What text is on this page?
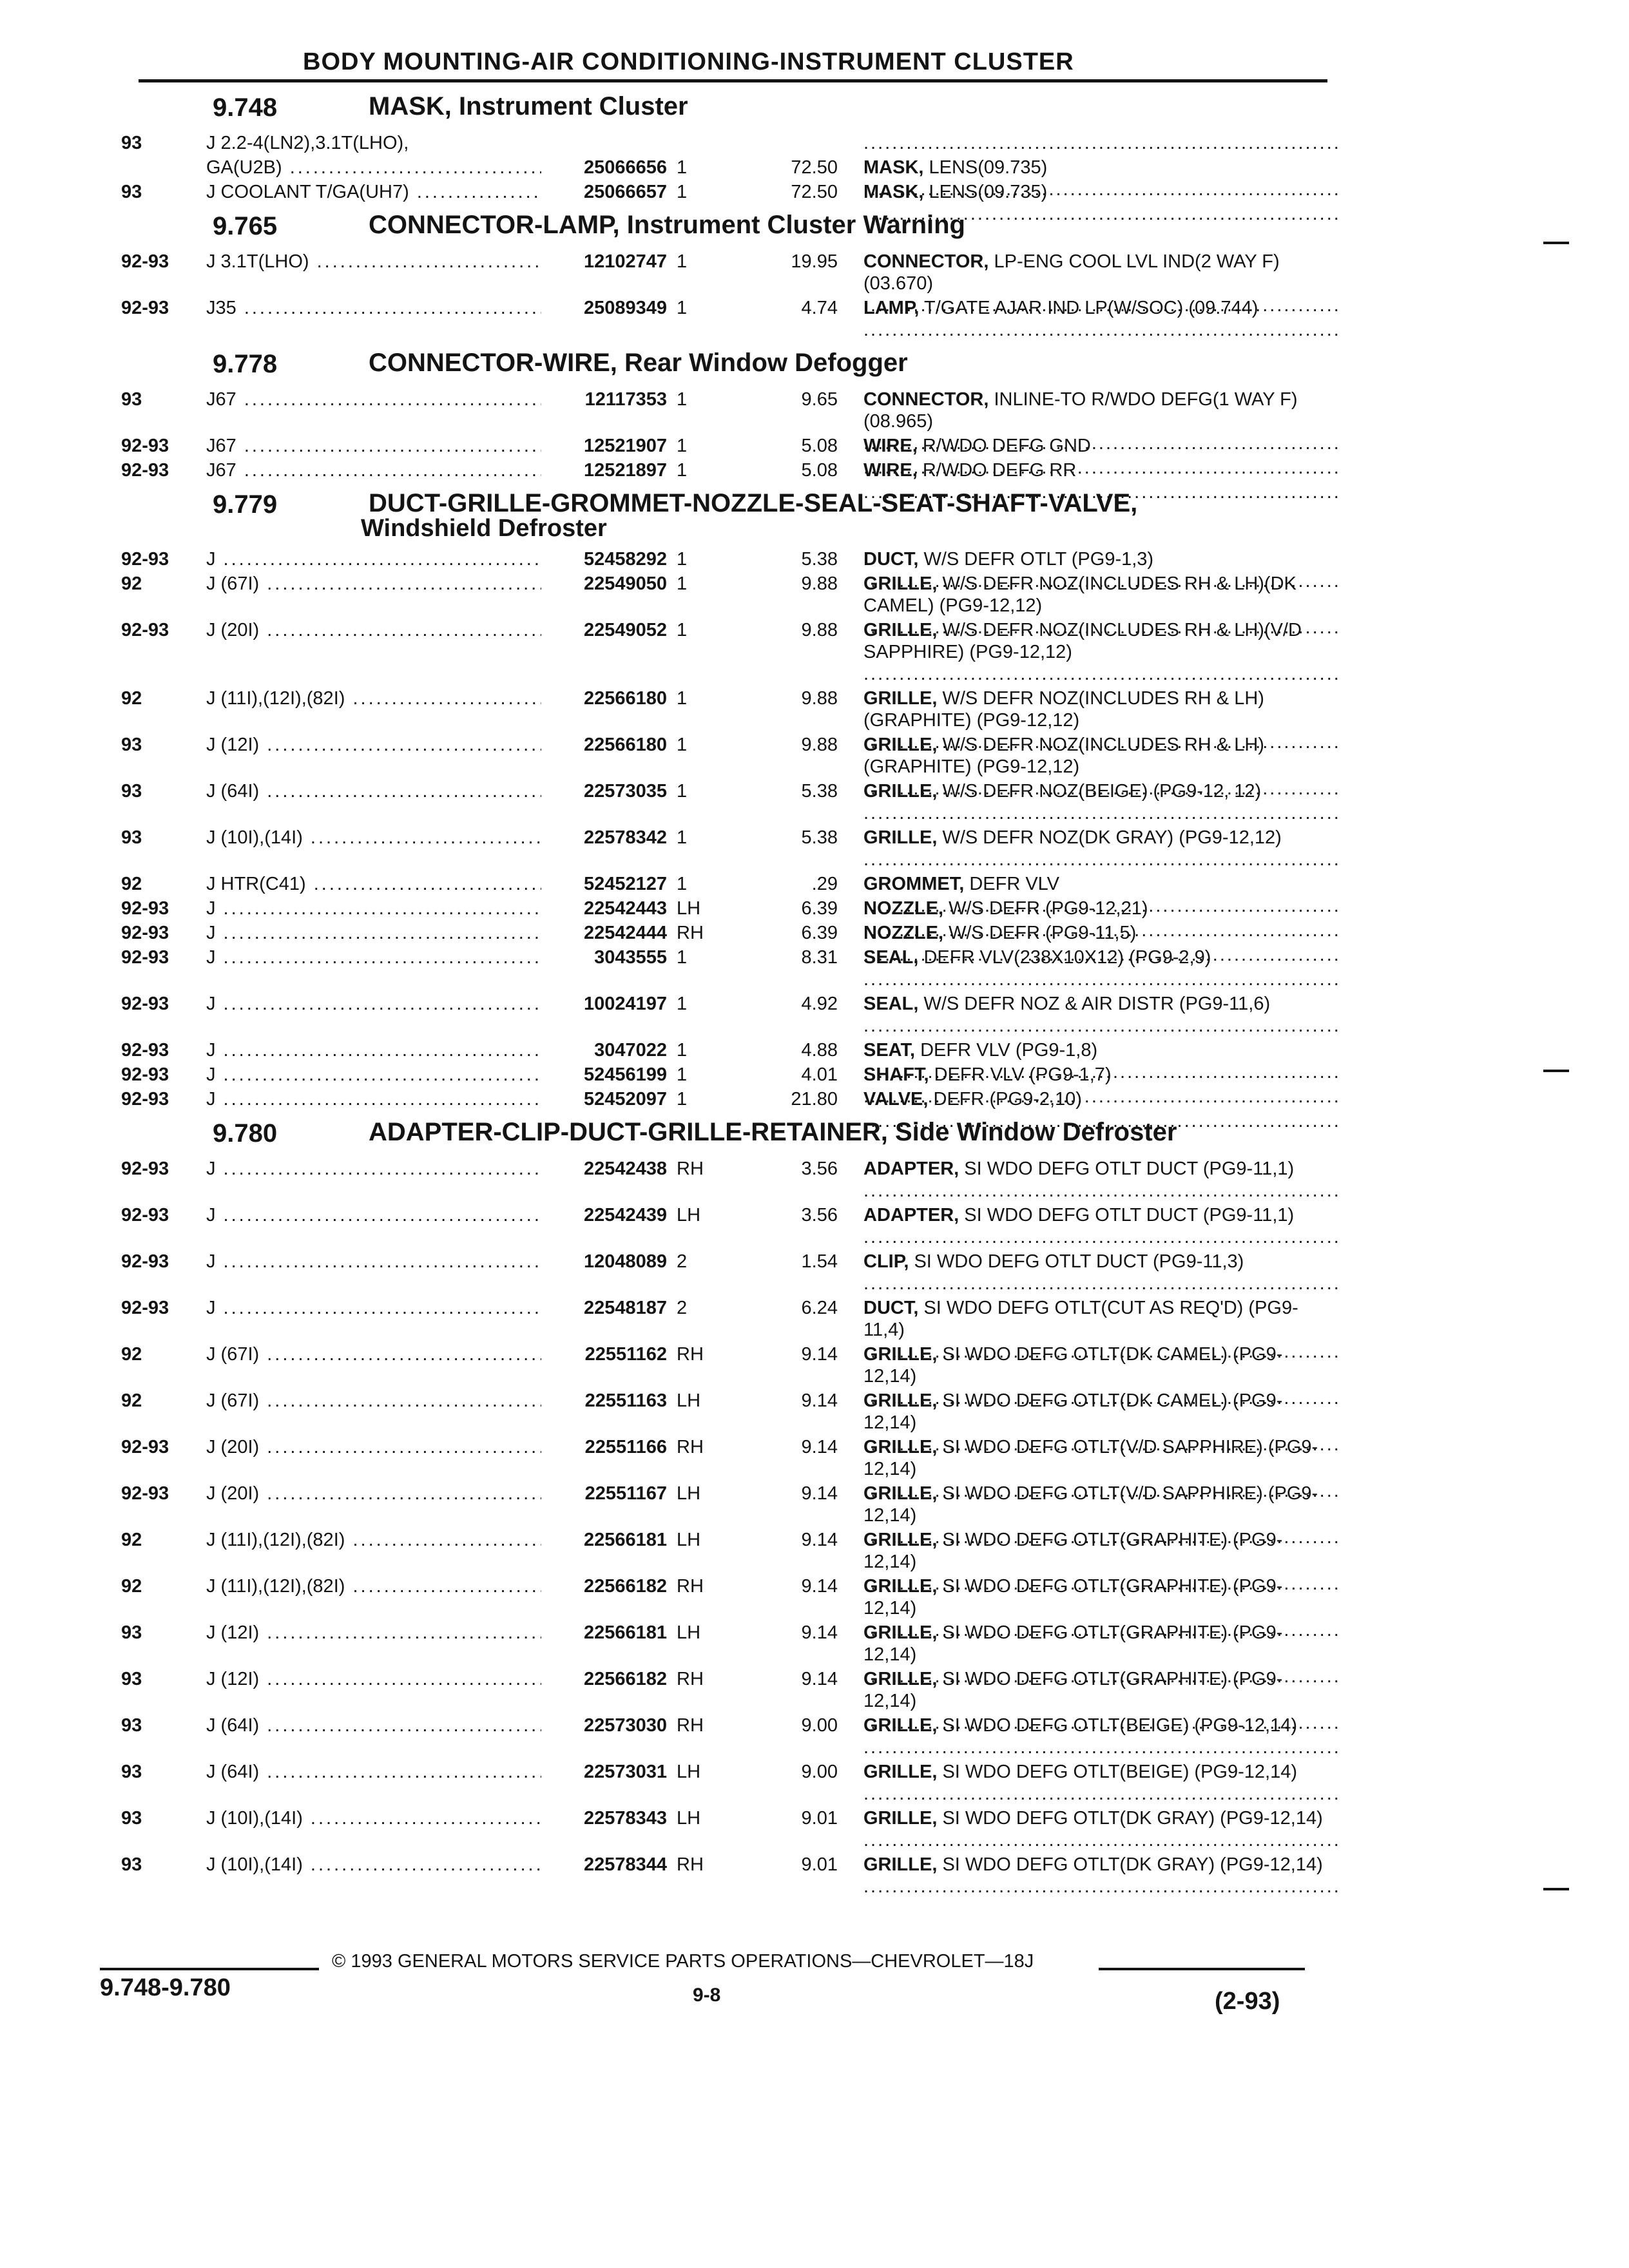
BODY MOUNTING-AIR CONDITIONING-INSTRUMENT CLUSTER
9.748	MASK, Instrument Cluster
93	J 2.2-4(LN2),3.1T(LHO),
.....
GA(U2B) .....	25066656 1	72.50 MASK, LENS(09.735) .....
93	J COOLANT T/GA(UH7) .....	25066657 1	72.50 MASK, LENS(09.735) .....
9.765	CONNECTOR-LAMP, Instrument Cluster Warning
92-93 J 3.1T(LHO) .....	12102747 1	19.95 CONNECTOR, LP-ENG COOL LVL IND(2 WAY F)(03.670) .....
92-93 J35 .....	25089349 1	4.74 LAMP, T/GATE AJAR IND LP(W/SOC) (09.744) .....
9.778	CONNECTOR-WIRE, Rear Window Defogger
93	J67 .....	12117353 1	9.65 CONNECTOR, INLINE-TO R/WDO DEFG(1 WAY F)(08.965) .....
92-93 J67 .....	12521907 1	5.08 WIRE, R/WDO DEFG GND .....
92-93 J67 .....	12521897 1	5.08 WIRE, R/WDO DEFG RR .....
9.779	DUCT-GRILLE-GROMMET-NOZZLE-SEAL-SEAT-SHAFT-VALVE,
Windshield Defroster
92-93 J .....	52458292 1	5.38 DUCT, W/S DEFR OTLT (PG9-1,3) .....
92	J (67I) .....	22549050 1	9.88 GRILLE, W/S DEFR NOZ(INCLUDES RH & LH)(DK CAMEL) (PG9-12,12) .....
92-93 J (20I) .....	22549052 1	9.88 GRILLE, W/S DEFR NOZ(INCLUDES RH & LH)(V/D SAPPHIRE) (PG9-12,12) .....
92	J (11I),(12I),(82I) .....	22566180 1	9.88 GRILLE, W/S DEFR NOZ(INCLUDES RH & LH)(GRAPHITE) (PG9-12,12) .....
93	J (12I) .....	22566180 1	9.88 GRILLE, W/S DEFR NOZ(INCLUDES RH & LH)(GRAPHITE) (PG9-12,12) .....
93	J (64I) .....	22573035 1	5.38 GRILLE, W/S DEFR NOZ(BEIGE) (PG9-12, 12) .....
93	J (10I),(14I) .....	22578342 1	5.38 GRILLE, W/S DEFR NOZ(DK GRAY) (PG9-12,12) .....
92	J HTR(C41) .....	52452127 1	.29 GROMMET, DEFR VLV .....
92-93 J .....	22542443 LH	6.39 NOZZLE, W/S DEFR (PG9-12,21) .....
92-93 J .....	22542444 RH	6.39 NOZZLE, W/S DEFR (PG9-11,5) .....
92-93 J .....	3043555 1	8.31 SEAL, DEFR VLV(238X10X12) (PG9-2,9) .....
92-93 J .....	10024197 1	4.92 SEAL, W/S DEFR NOZ & AIR DISTR (PG9-11,6) .....
92-93 J .....	3047022 1	4.88 SEAT, DEFR VLV (PG9-1,8) .....
92-93 J .....	52456199 1	4.01 SHAFT, DEFR VLV (PG9-1,7) .....
92-93 J .....	52452097 1	21.80 VALVE, DEFR (PG9-2,10) .....
9.780	ADAPTER-CLIP-DUCT-GRILLE-RETAINER, Side Window Defroster
92-93 J .....	22542438 RH	3.56 ADAPTER, SI WDO DEFG OTLT DUCT (PG9-11,1) .....
92-93 J .....	22542439 LH	3.56 ADAPTER, SI WDO DEFG OTLT DUCT (PG9-11,1) .....
92-93 J .....	12048089 2	1.54 CLIP, SI WDO DEFG OTLT DUCT (PG9-11,3) .....
92-93 J .....	22548187 2	6.24 DUCT, SI WDO DEFG OTLT(CUT AS REQ'D) (PG9-11,4) .....
92	J (67I) .....	22551162 RH	9.14 GRILLE, SI WDO DEFG OTLT(DK CAMEL) (PG9-12,14) .....
92	J (67I) .....	22551163 LH	9.14 GRILLE, SI WDO DEFG OTLT(DK CAMEL) (PG9-12,14) .....
92-93 J (20I) .....	22551166 RH	9.14 GRILLE, SI WDO DEFG OTLT(V/D SAPPHIRE) (PG9-12,14) .....
92-93 J (20I) .....	22551167 LH	9.14 GRILLE, SI WDO DEFG OTLT(V/D SAPPHIRE) (PG9-12,14) .....
92	J (11I),(12I),(82I) .....	22566181 LH	9.14 GRILLE, SI WDO DEFG OTLT(GRAPHITE) (PG9-12,14) .....
92	J (11I),(12I),(82I) .....	22566182 RH	9.14 GRILLE, SI WDO DEFG OTLT(GRAPHITE) (PG9-12,14) .....
93	J (12I) .....	22566181 LH	9.14 GRILLE, SI WDO DEFG OTLT(GRAPHITE) (PG9-12,14) .....
93	J (12I) .....	22566182 RH	9.14 GRILLE, SI WDO DEFG OTLT(GRAPHITE) (PG9-12,14) .....
93	J (64I) .....	22573030 RH	9.00 GRILLE, SI WDO DEFG OTLT(BEIGE) (PG9-12,14) .....
93	J (64I) .....	22573031 LH	9.00 GRILLE, SI WDO DEFG OTLT(BEIGE) (PG9-12,14) .....
93	J (10I),(14I) .....	22578343 LH	9.01 GRILLE, SI WDO DEFG OTLT(DK GRAY) (PG9-12,14) .....
93	J (10I),(14I) .....	22578344 RH	9.01 GRILLE, SI WDO DEFG OTLT(DK GRAY) (PG9-12,14) .....
© 1993 GENERAL MOTORS SERVICE PARTS OPERATIONS—CHEVROLET—18J
9.748-9.780	9-8	(2-93)
